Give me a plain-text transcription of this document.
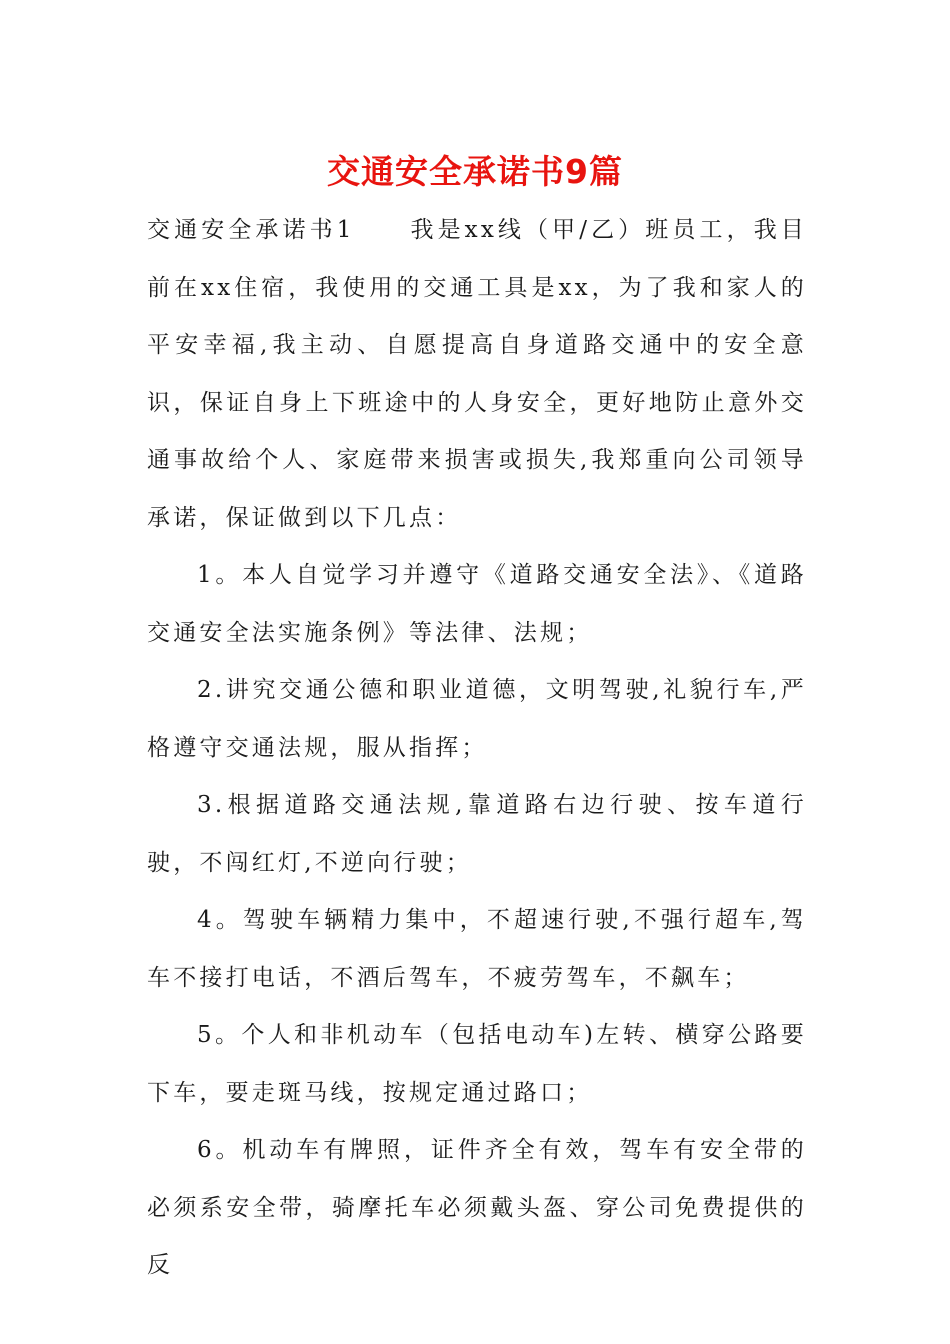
交通安全承诺书9篇

交通安全承诺书1 我是xx线（甲/乙）班员工，我目前在xx住宿，我使用的交通工具是xx，为了我和家人的平安幸福,我主动、自愿提高自身道路交通中的安全意识，保证自身上下班途中的人身安全，更好地防止意外交通事故给个人、家庭带来损害或损失,我郑重向公司领导承诺，保证做到以下几点：

1。本人自觉学习并遵守《道路交通安全法》、《道路交通安全法实施条例》等法律、法规；

2.讲究交通公德和职业道德，文明驾驶,礼貌行车,严格遵守交通法规，服从指挥；

3.根据道路交通法规,靠道路右边行驶、按车道行驶，不闯红灯,不逆向行驶；

4。驾驶车辆精力集中，不超速行驶,不强行超车,驾车不接打电话，不酒后驾车，不疲劳驾车，不飙车；

5。个人和非机动车（包括电动车)左转、横穿公路要下车，要走斑马线，按规定通过路口；

6。机动车有牌照，证件齐全有效，驾车有安全带的必须系安全带，骑摩托车必须戴头盔、穿公司免费提供的反
